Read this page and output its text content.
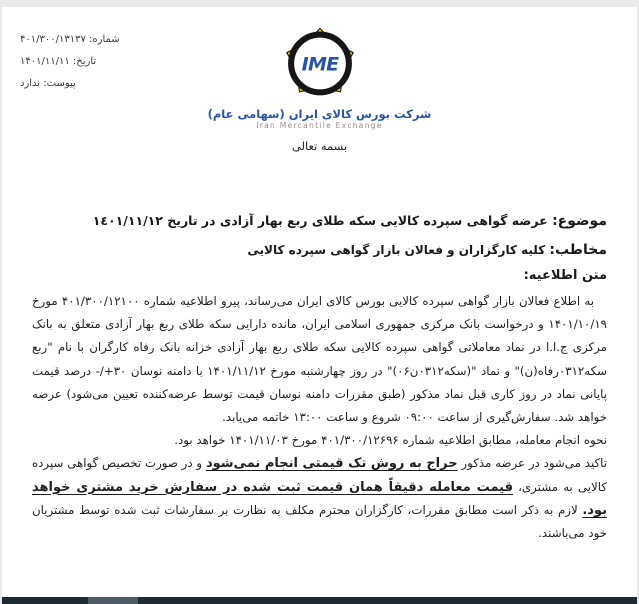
شماره: ۴۰۱/۳۰۰/۱۳۱۳۷
تاریخ: ۱۴۰۱/۱۱/۱۱
پیوست: ندارد
IME
شرکت بورس کالای ایران (سهامی عام)
Iran Mercantile Exchange
بسمه تعالی
موضوع: عرضه گواهی سپرده کالایی سکه طلای ربع بهار آزادی در تاریخ ١٤٠١/١١/١٢
مخاطب: کلیه کارگزاران و فعالان بازار گواهی سپرده کالایی
متن اطلاعیه:

به اطلاع فعالان بازار گواهی سپرده کالایی بورس کالای ایران می‌رساند، پیرو اطلاعیه شماره ۴۰۱/۳۰۰/۱۲۱۰۰ مورخ ۱۴۰۱/۱۰/۱۹ و درخواست بانک مرکزی جمهوری اسلامی ایران، مانده دارایی سکه طلای ربع بهار آزادی متعلق به بانک مرکزی ج.ا.ا در نماد معاملاتی گواهی سپرده کالایی سکه طلای ربع بهار آزادی خزانه بانک رفاه کارگران با نام "ربع سکه۰۳۱۲رفاه(ن)" و نماد "(سکه۰۳۱۲ن۰۶)" در روز چهارشنبه مورخ ۱۴۰۱/۱۱/۱۲ با دامنه نوسان ۳۰+/- درصد قیمت پایانی نماد در روز کاری قبل نماد مذکور (طبق مقررات دامنه نوسان قیمت توسط عرضه‌کننده تعیین می‌شود) عرضه خواهد شد. سفارش‌گیری از ساعت ۰۹:۰۰ شروع و ساعت ۱۳:۰۰ خاتمه می‌یابد.

نحوه انجام معامله، مطابق اطلاعیه شماره ۴۰۱/۳۰۰/۱۲۶۹۶ مورخ ۱۴۰۱/۱۱/۰۳ خواهد بود.

تاکید می‌شود در عرضه مذکور حراج به روش تک قیمتی انجام نمی‌شود و در صورت تخصیص گواهی سپرده کالایی به مشتری، قیمت معامله دقیقاً همان قیمت ثبت شده در سفارش خرید مشتری خواهد بود. لازم به ذکر است مطابق مقررات، کارگزاران محترم مکلف به نظارت بر سفارشات ثبت شده توسط مشتریان خود می‌باشند.
